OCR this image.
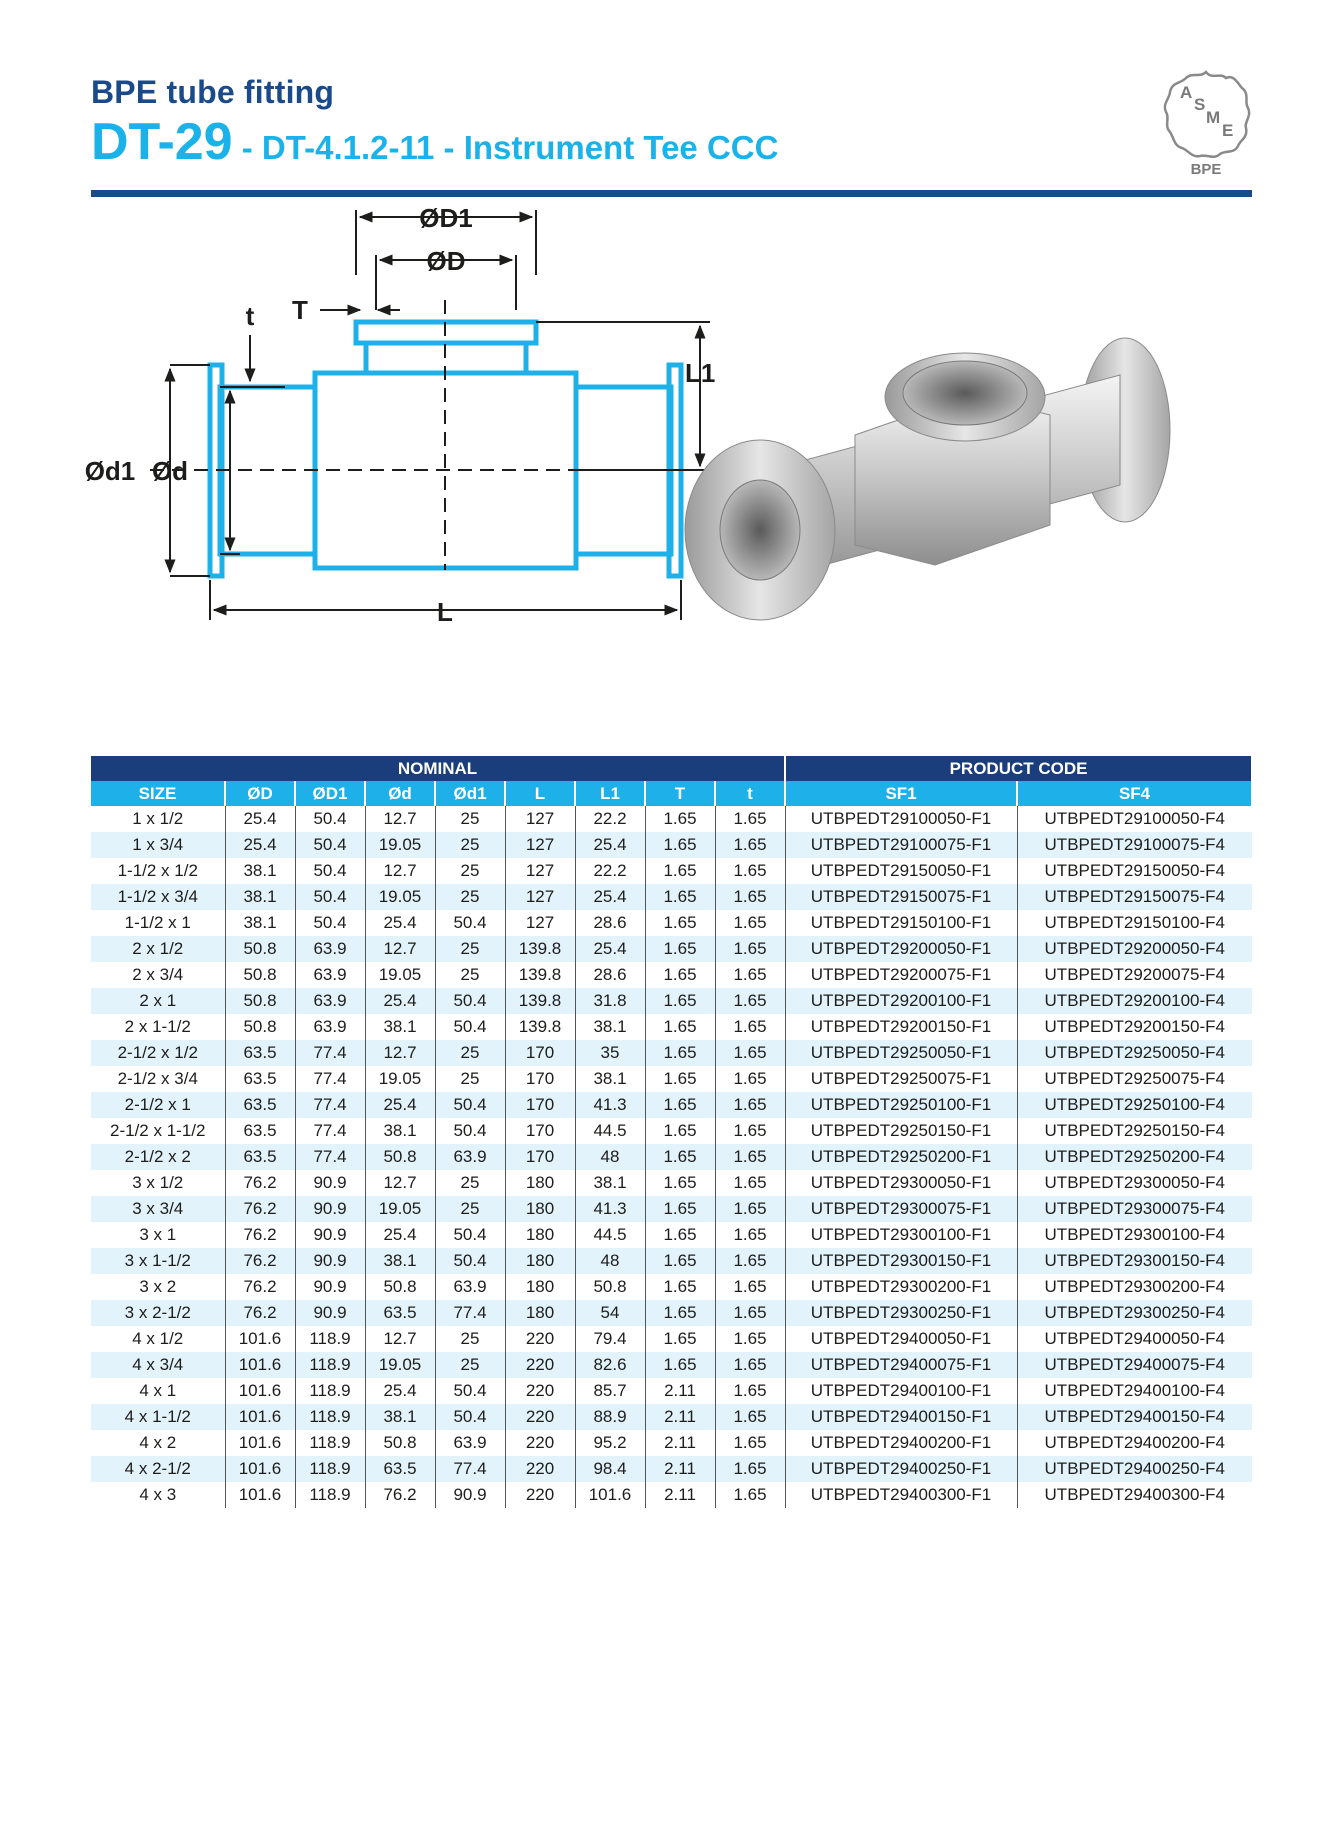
BPE tube fitting
DT-29 - DT-4.1.2-11 - Instrument Tee CCC
A
S
M
E
BPE
ØD1
ØD
T
t
L1
Ød1 Ød
L
NOMINAL									PRODUCT CODE	
SIZE	ØD	ØD1	Ød	Ød1	L	L1	T	t	SF1	SF4
1 x 1/2	25.4	50.4	12.7	25	127	22.2	1.65	1.65	UTBPEDT29100050-F1	UTBPEDT29100050-F4
1 x 3/4	25.4	50.4	19.05	25	127	25.4	1.65	1.65	UTBPEDT29100075-F1	UTBPEDT29100075-F4
1-1/2 x 1/2	38.1	50.4	12.7	25	127	22.2	1.65	1.65	UTBPEDT29150050-F1	UTBPEDT29150050-F4
1-1/2 x 3/4	38.1	50.4	19.05	25	127	25.4	1.65	1.65	UTBPEDT29150075-F1	UTBPEDT29150075-F4
1-1/2 x 1	38.1	50.4	25.4	50.4	127	28.6	1.65	1.65	UTBPEDT29150100-F1	UTBPEDT29150100-F4
2 x 1/2	50.8	63.9	12.7	25	139.8	25.4	1.65	1.65	UTBPEDT29200050-F1	UTBPEDT29200050-F4
2 x 3/4	50.8	63.9	19.05	25	139.8	28.6	1.65	1.65	UTBPEDT29200075-F1	UTBPEDT29200075-F4
2 x 1	50.8	63.9	25.4	50.4	139.8	31.8	1.65	1.65	UTBPEDT29200100-F1	UTBPEDT29200100-F4
2 x 1-1/2	50.8	63.9	38.1	50.4	139.8	38.1	1.65	1.65	UTBPEDT29200150-F1	UTBPEDT29200150-F4
2-1/2 x 1/2	63.5	77.4	12.7	25	170	35	1.65	1.65	UTBPEDT29250050-F1	UTBPEDT29250050-F4
2-1/2 x 3/4	63.5	77.4	19.05	25	170	38.1	1.65	1.65	UTBPEDT29250075-F1	UTBPEDT29250075-F4
2-1/2 x 1	63.5	77.4	25.4	50.4	170	41.3	1.65	1.65	UTBPEDT29250100-F1	UTBPEDT29250100-F4
2-1/2 x 1-1/2	63.5	77.4	38.1	50.4	170	44.5	1.65	1.65	UTBPEDT29250150-F1	UTBPEDT29250150-F4
2-1/2 x 2	63.5	77.4	50.8	63.9	170	48	1.65	1.65	UTBPEDT29250200-F1	UTBPEDT29250200-F4
3 x 1/2	76.2	90.9	12.7	25	180	38.1	1.65	1.65	UTBPEDT29300050-F1	UTBPEDT29300050-F4
3 x 3/4	76.2	90.9	19.05	25	180	41.3	1.65	1.65	UTBPEDT29300075-F1	UTBPEDT29300075-F4
3 x 1	76.2	90.9	25.4	50.4	180	44.5	1.65	1.65	UTBPEDT29300100-F1	UTBPEDT29300100-F4
3 x 1-1/2	76.2	90.9	38.1	50.4	180	48	1.65	1.65	UTBPEDT29300150-F1	UTBPEDT29300150-F4
3 x 2	76.2	90.9	50.8	63.9	180	50.8	1.65	1.65	UTBPEDT29300200-F1	UTBPEDT29300200-F4
3 x 2-1/2	76.2	90.9	63.5	77.4	180	54	1.65	1.65	UTBPEDT29300250-F1	UTBPEDT29300250-F4
4 x 1/2	101.6	118.9	12.7	25	220	79.4	1.65	1.65	UTBPEDT29400050-F1	UTBPEDT29400050-F4
4 x 3/4	101.6	118.9	19.05	25	220	82.6	1.65	1.65	UTBPEDT29400075-F1	UTBPEDT29400075-F4
4 x 1	101.6	118.9	25.4	50.4	220	85.7	2.11	1.65	UTBPEDT29400100-F1	UTBPEDT29400100-F4
4 x 1-1/2	101.6	118.9	38.1	50.4	220	88.9	2.11	1.65	UTBPEDT29400150-F1	UTBPEDT29400150-F4
4 x 2	101.6	118.9	50.8	63.9	220	95.2	2.11	1.65	UTBPEDT29400200-F1	UTBPEDT29400200-F4
4 x 2-1/2	101.6	118.9	63.5	77.4	220	98.4	2.11	1.65	UTBPEDT29400250-F1	UTBPEDT29400250-F4
4 x 3	101.6	118.9	76.2	90.9	220	101.6	2.11	1.65	UTBPEDT29400300-F1	UTBPEDT29400300-F4
